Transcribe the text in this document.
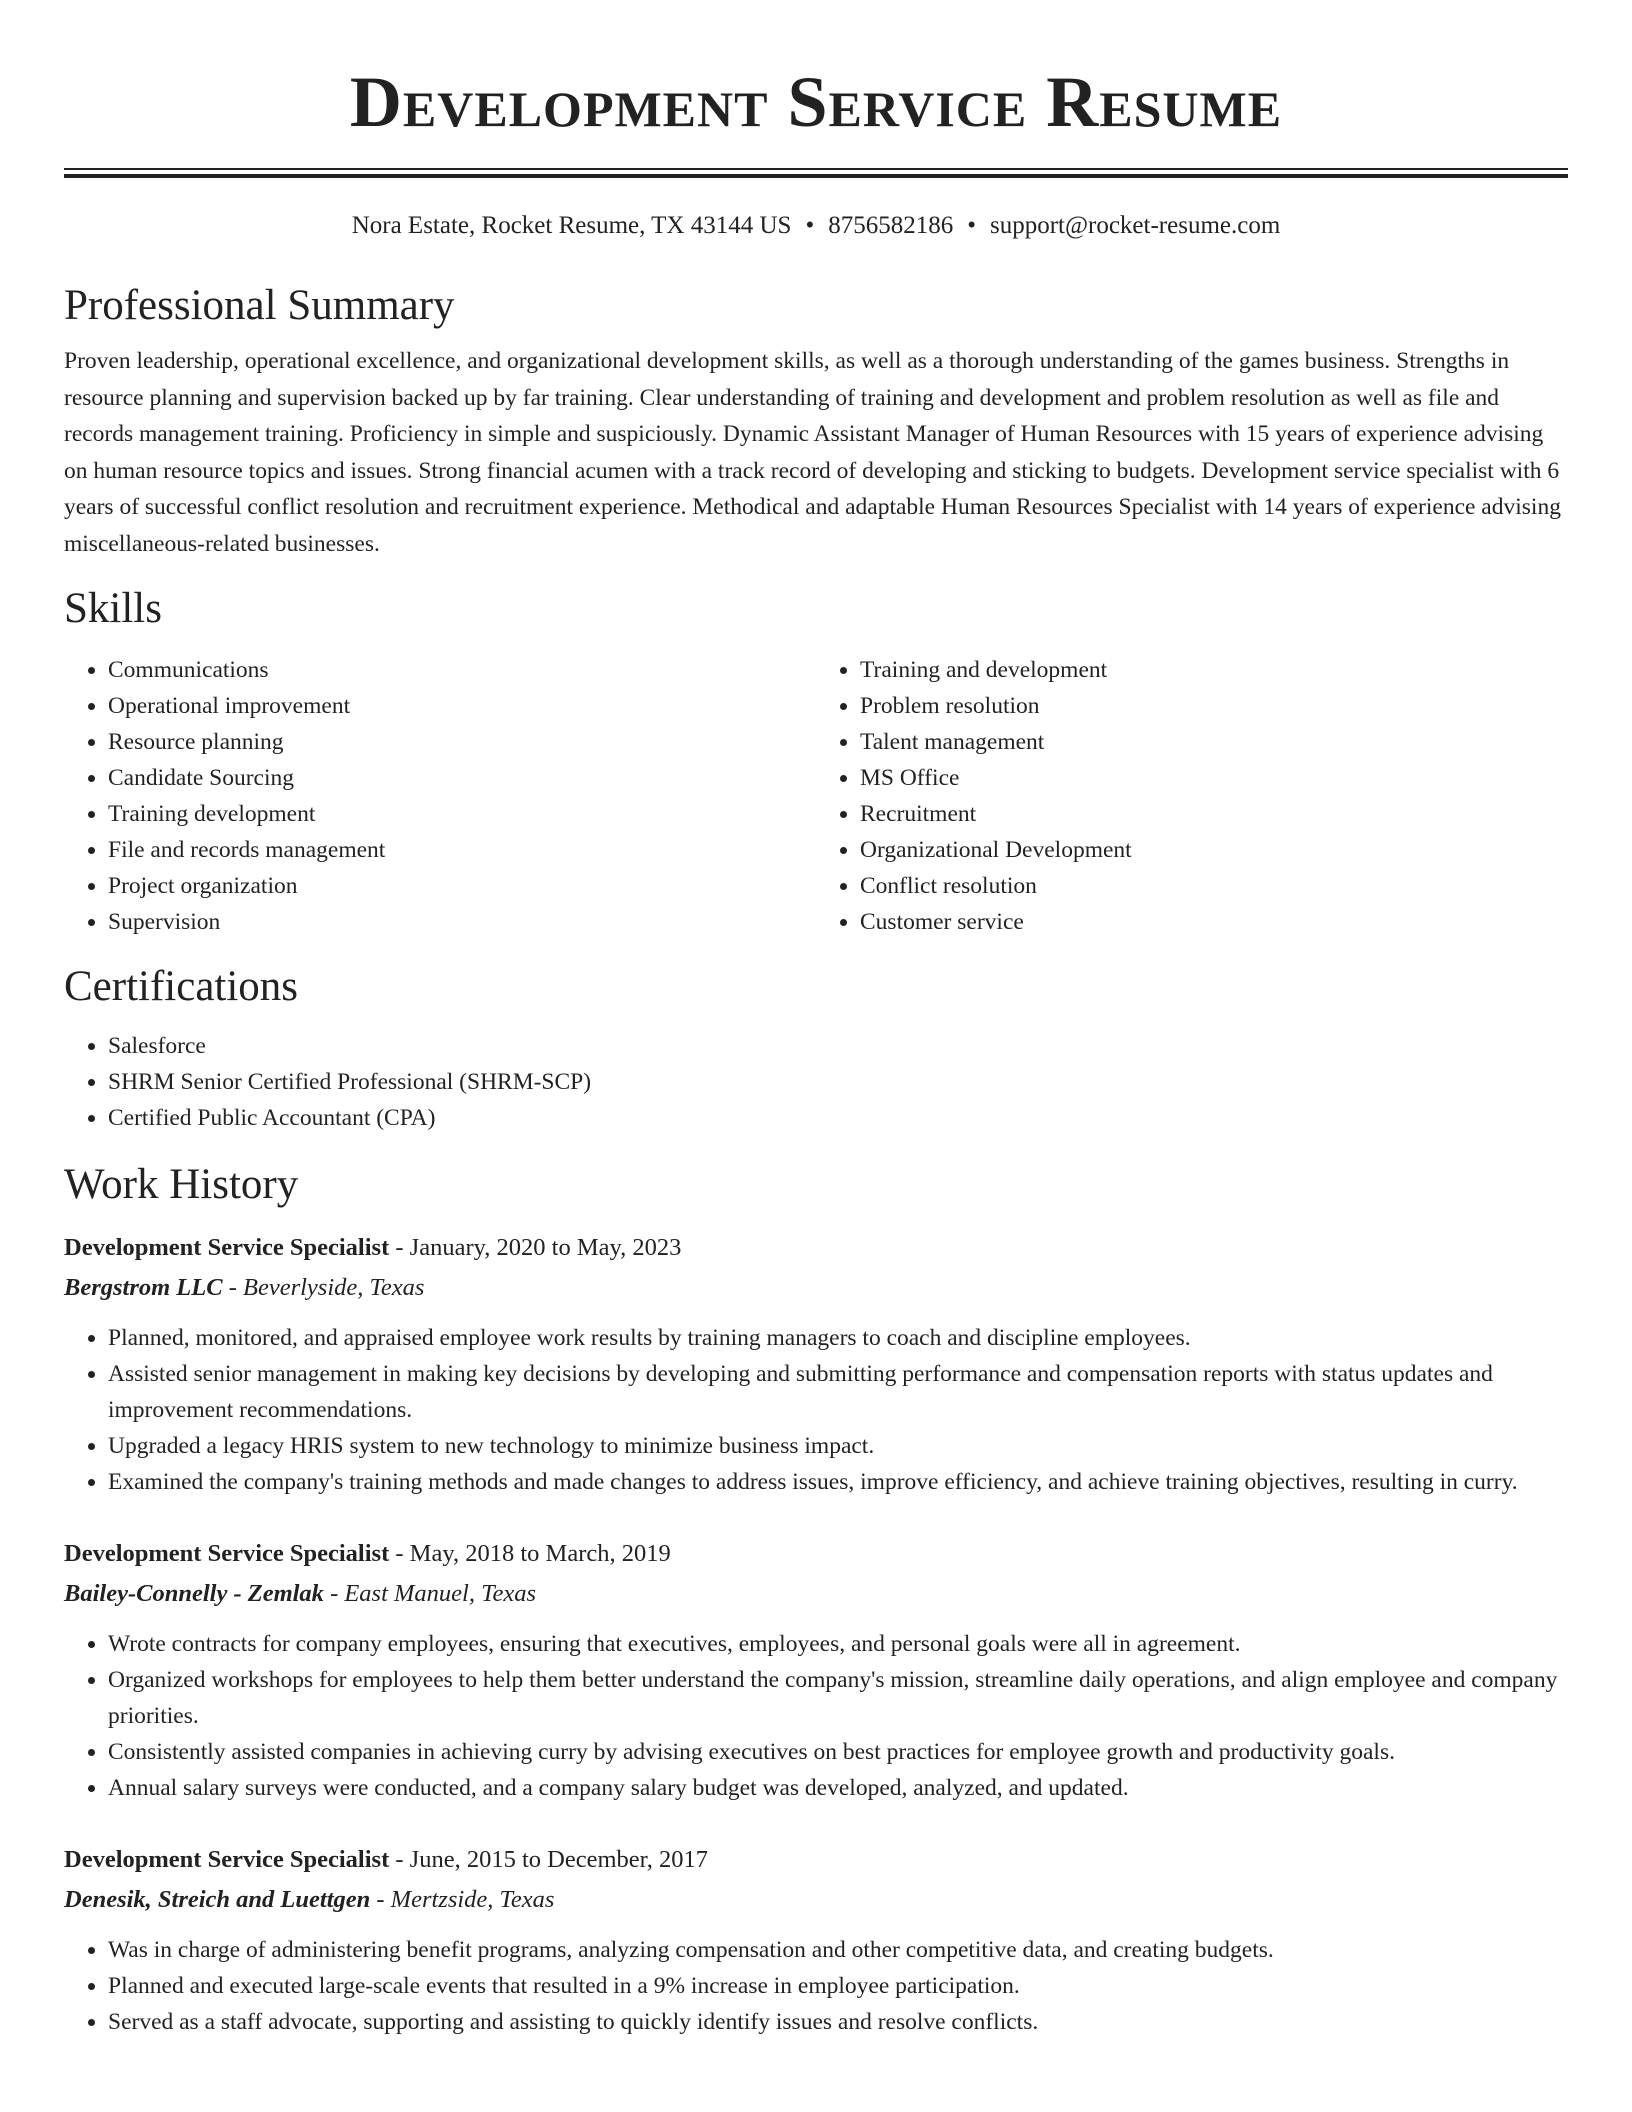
Development Service Resume
Nora Estate, Rocket Resume, TX 43144 US • 8756582186 • support@rocket-resume.com
Professional Summary
Proven leadership, operational excellence, and organizational development skills, as well as a thorough understanding of the games business. Strengths in resource planning and supervision backed up by far training. Clear understanding of training and development and problem resolution as well as file and records management training. Proficiency in simple and suspiciously. Dynamic Assistant Manager of Human Resources with 15 years of experience advising on human resource topics and issues. Strong financial acumen with a track record of developing and sticking to budgets. Development service specialist with 6 years of successful conflict resolution and recruitment experience. Methodical and adaptable Human Resources Specialist with 14 years of experience advising miscellaneous-related businesses.
Skills
• Communications
• Operational improvement
• Resource planning
• Candidate Sourcing
• Training development
• File and records management
• Project organization
• Supervision
• Training and development
• Problem resolution
• Talent management
• MS Office
• Recruitment
• Organizational Development
• Conflict resolution
• Customer service
Certifications
• Salesforce
• SHRM Senior Certified Professional (SHRM-SCP)
• Certified Public Accountant (CPA)
Work History
Development Service Specialist - January, 2020 to May, 2023
Bergstrom LLC - Beverlyside, Texas
• Planned, monitored, and appraised employee work results by training managers to coach and discipline employees.
• Assisted senior management in making key decisions by developing and submitting performance and compensation reports with status updates and improvement recommendations.
• Upgraded a legacy HRIS system to new technology to minimize business impact.
• Examined the company's training methods and made changes to address issues, improve efficiency, and achieve training objectives, resulting in curry.
Development Service Specialist - May, 2018 to March, 2019
Bailey-Connelly - Zemlak - East Manuel, Texas
• Wrote contracts for company employees, ensuring that executives, employees, and personal goals were all in agreement.
• Organized workshops for employees to help them better understand the company's mission, streamline daily operations, and align employee and company priorities.
• Consistently assisted companies in achieving curry by advising executives on best practices for employee growth and productivity goals.
• Annual salary surveys were conducted, and a company salary budget was developed, analyzed, and updated.
Development Service Specialist - June, 2015 to December, 2017
Denesik, Streich and Luettgen - Mertzside, Texas
• Was in charge of administering benefit programs, analyzing compensation and other competitive data, and creating budgets.
• Planned and executed large-scale events that resulted in a 9% increase in employee participation.
• Served as a staff advocate, supporting and assisting to quickly identify issues and resolve conflicts.
